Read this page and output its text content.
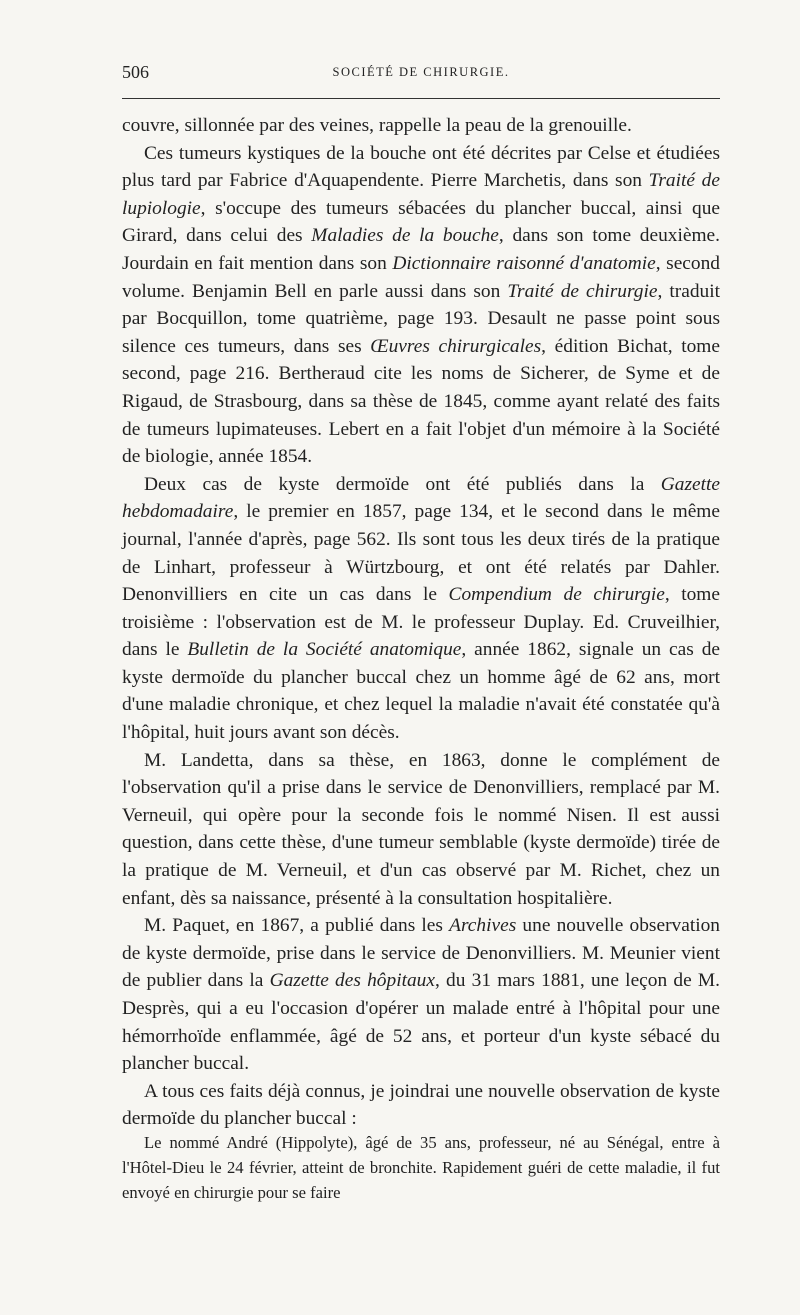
506	SOCIÉTÉ DE CHIRURGIE.

couvre, sillonnée par des veines, rappelle la peau de la grenouille.

Ces tumeurs kystiques de la bouche ont été décrites par Celse et étudiées plus tard par Fabrice d'Aquapendente. Pierre Marchetis, dans son Traité de lupiologie, s'occupe des tumeurs sébacées du plancher buccal, ainsi que Girard, dans celui des Maladies de la bouche, dans son tome deuxième. Jourdain en fait mention dans son Dictionnaire raisonné d'anatomie, second volume. Benjamin Bell en parle aussi dans son Traité de chirurgie, traduit par Bocquillon, tome quatrième, page 193. Desault ne passe point sous silence ces tumeurs, dans ses Œuvres chirurgicales, édition Bichat, tome second, page 216. Bertheraud cite les noms de Sicherer, de Syme et de Rigaud, de Strasbourg, dans sa thèse de 1845, comme ayant relaté des faits de tumeurs lupimateuses. Lebert en a fait l'objet d'un mémoire à la Société de biologie, année 1854.

Deux cas de kyste dermoïde ont été publiés dans la Gazette hebdomadaire, le premier en 1857, page 134, et le second dans le même journal, l'année d'après, page 562. Ils sont tous les deux tirés de la pratique de Linhart, professeur à Würtzbourg, et ont été relatés par Dahler. Denonvilliers en cite un cas dans le Compendium de chirurgie, tome troisième : l'observation est de M. le professeur Duplay. Ed. Cruveilhier, dans le Bulletin de la Société anatomique, année 1862, signale un cas de kyste dermoïde du plancher buccal chez un homme âgé de 62 ans, mort d'une maladie chronique, et chez lequel la maladie n'avait été constatée qu'à l'hôpital, huit jours avant son décès.

M. Landetta, dans sa thèse, en 1863, donne le complément de l'observation qu'il a prise dans le service de Denonvilliers, remplacé par M. Verneuil, qui opère pour la seconde fois le nommé Nisen. Il est aussi question, dans cette thèse, d'une tumeur semblable (kyste dermoïde) tirée de la pratique de M. Verneuil, et d'un cas observé par M. Richet, chez un enfant, dès sa naissance, présenté à la consultation hospitalière.

M. Paquet, en 1867, a publié dans les Archives une nouvelle observation de kyste dermoïde, prise dans le service de Denonvilliers. M. Meunier vient de publier dans la Gazette des hôpitaux, du 31 mars 1881, une leçon de M. Desprès, qui a eu l'occasion d'opérer un malade entré à l'hôpital pour une hémorrhoïde enflammée, âgé de 52 ans, et porteur d'un kyste sébacé du plancher buccal.

A tous ces faits déjà connus, je joindrai une nouvelle observation de kyste dermoïde du plancher buccal :

Le nommé André (Hippolyte), âgé de 35 ans, professeur, né au Sénégal, entre à l'Hôtel-Dieu le 24 février, atteint de bronchite. Rapidement guéri de cette maladie, il fut envoyé en chirurgie pour se faire
